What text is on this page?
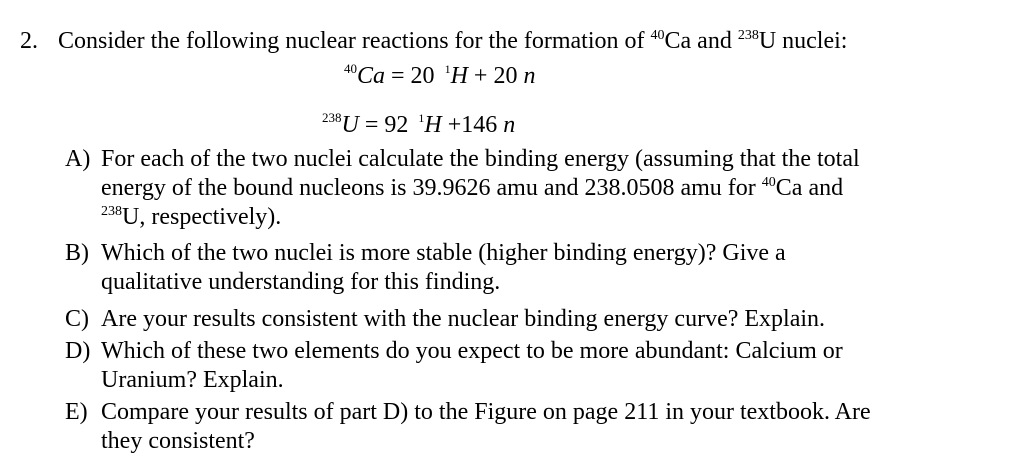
2. Consider the following nuclear reactions for the formation of $^{40}$Ca and $^{238}$U nuclei:
$^{40}$Ca = 20 $^1$H + 20 n
$^{238}$U = 92 $^1$H +146 n
A) For each of the two nuclei calculate the binding energy (assuming that the total
energy of the bound nucleons is 39.9626 amu and 238.0508 amu for $^{40}$Ca and
$^{238}$U, respectively).
B) Which of the two nuclei is more stable (higher binding energy)? Give a
qualitative understanding for this finding.
C) Are your results consistent with the nuclear binding energy curve? Explain.
D) Which of these two elements do you expect to be more abundant: Calcium or
Uranium? Explain.
E) Compare your results of part D) to the Figure on page 211 in your textbook. Are
they consistent?
